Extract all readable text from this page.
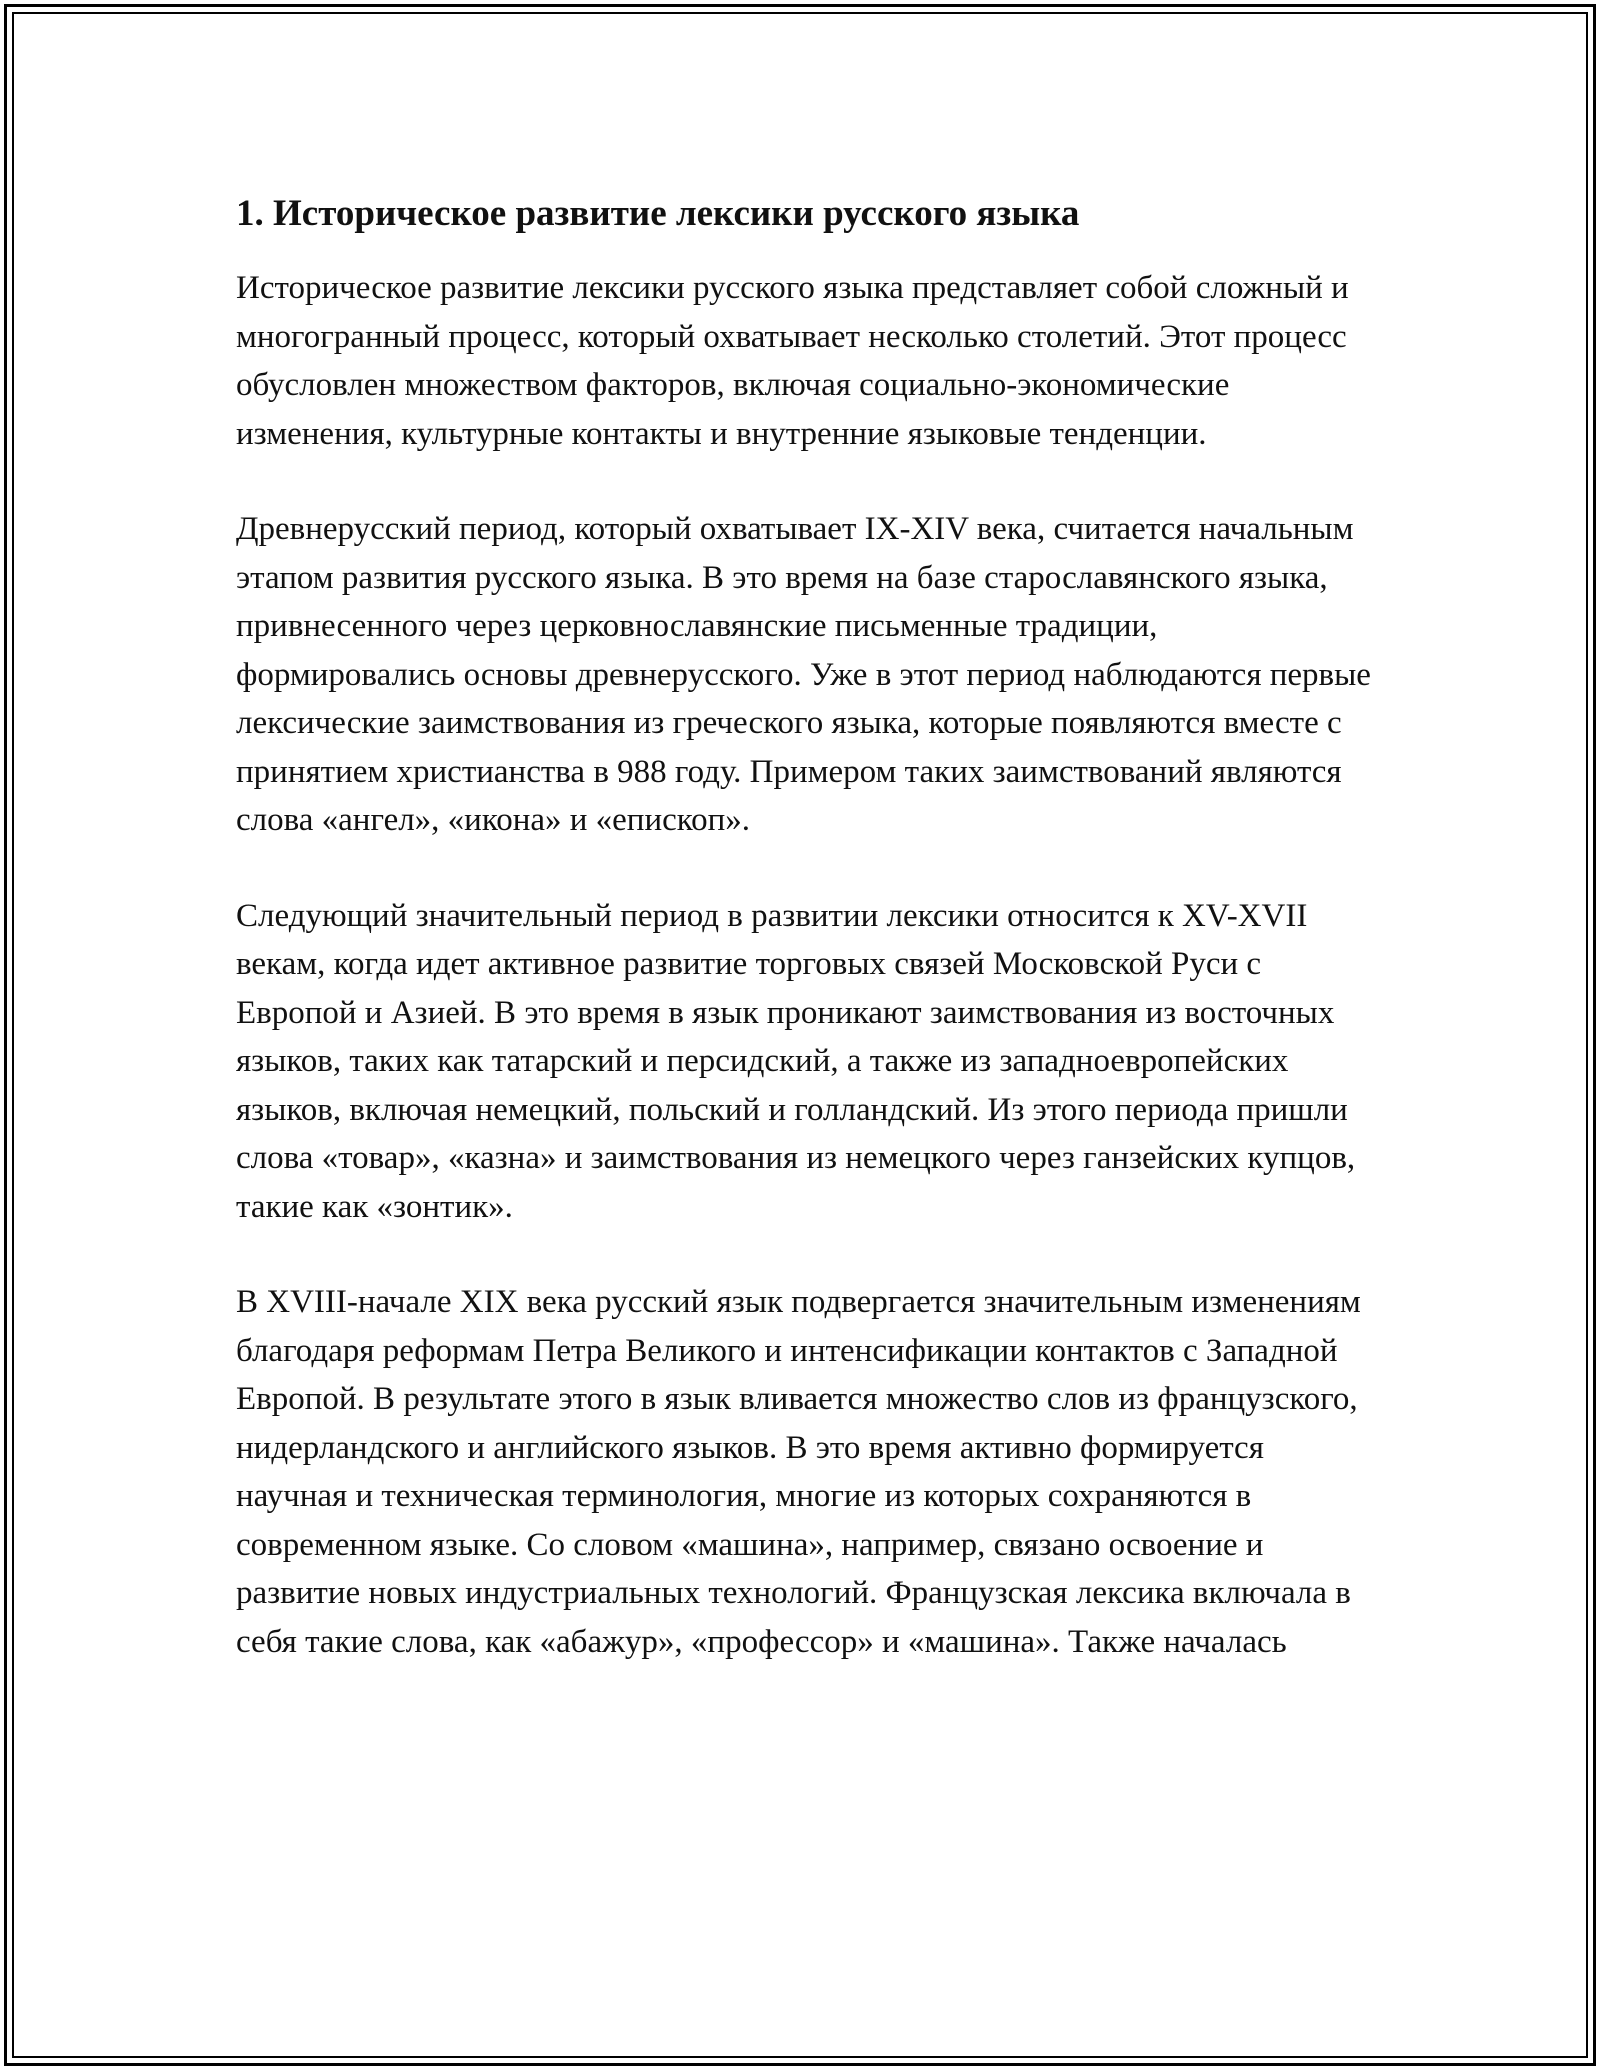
1. Историческое развитие лексики русского языка

Историческое развитие лексики русского языка представляет собой сложный и многогранный процесс, который охватывает несколько столетий. Этот процесс обусловлен множеством факторов, включая социально-экономические изменения, культурные контакты и внутренние языковые тенденции.

Древнерусский период, который охватывает IX-XIV века, считается начальным этапом развития русского языка. В это время на базе старославянского языка, привнесенного через церковнославянские письменные традиции, формировались основы древнерусского. Уже в этот период наблюдаются первые лексические заимствования из греческого языка, которые появляются вместе с принятием христианства в 988 году. Примером таких заимствований являются слова «ангел», «икона» и «епископ».

Следующий значительный период в развитии лексики относится к XV-XVII векам, когда идет активное развитие торговых связей Московской Руси с Европой и Азией. В это время в язык проникают заимствования из восточных языков, таких как татарский и персидский, а также из западноевропейских языков, включая немецкий, польский и голландский. Из этого периода пришли слова «товар», «казна» и заимствования из немецкого через ганзейских купцов, такие как «зонтик».

В XVIII-начале XIX века русский язык подвергается значительным изменениям благодаря реформам Петра Великого и интенсификации контактов с Западной Европой. В результате этого в язык вливается множество слов из французского, нидерландского и английского языков. В это время активно формируется научная и техническая терминология, многие из которых сохраняются в современном языке. Со словом «машина», например, связано освоение и развитие новых индустриальных технологий. Французская лексика включала в себя такие слова, как «абажур», «профессор» и «машина». Также началась
